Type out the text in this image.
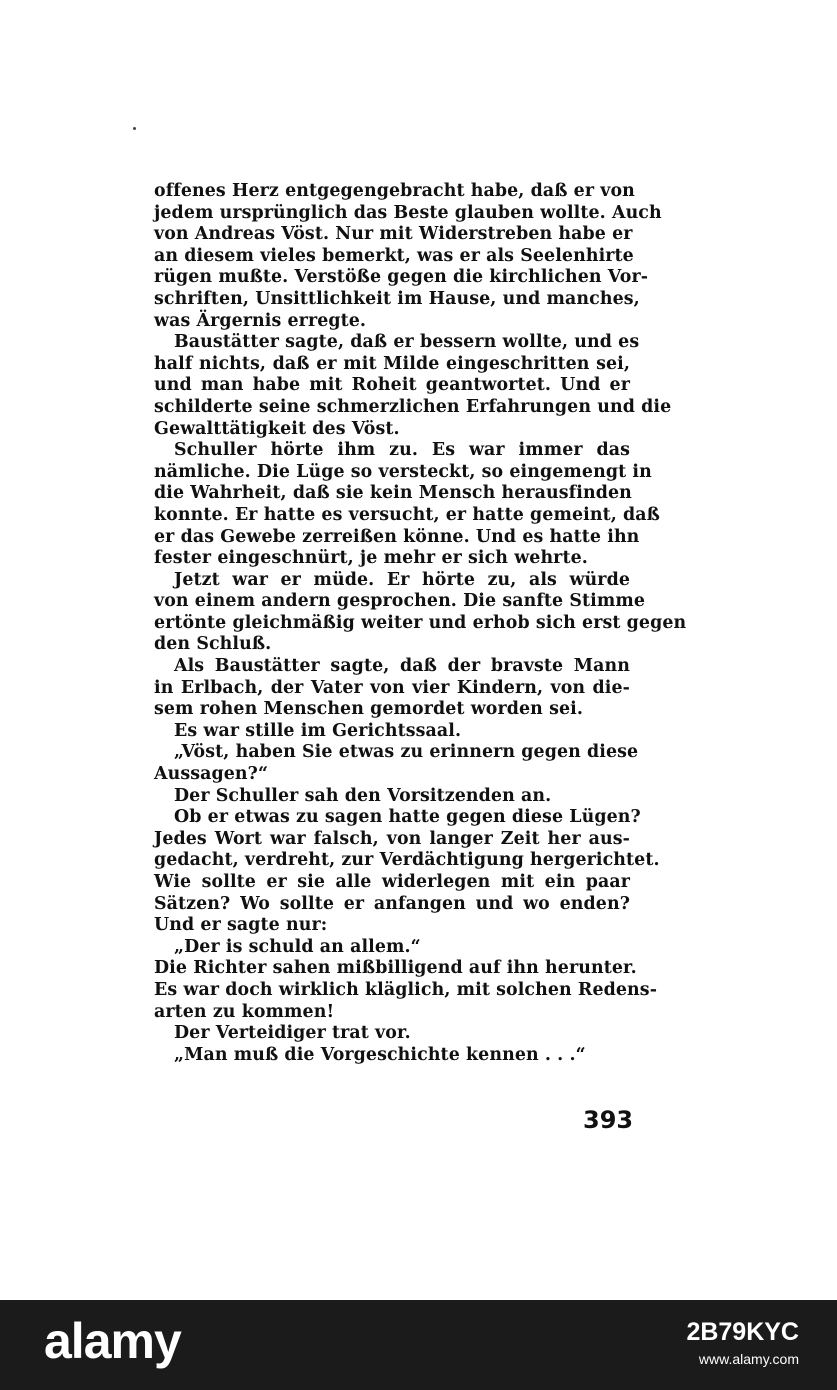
offenes Herz entgegengebracht habe, daß er von
jedem ursprünglich das Beste glauben wollte. Auch
von Andreas Vöst. Nur mit Widerstreben habe er
an diesem vieles bemerkt, was er als Seelenhirte
rügen mußte. Verstöße gegen die kirchlichen Vor-
schriften, Unsittlichkeit im Hause, und manches,
was Ärgernis erregte.
Baustätter sagte, daß er bessern wollte, und es
half nichts, daß er mit Milde eingeschritten sei,
und man habe mit Roheit geantwortet. Und er
schilderte seine schmerzlichen Erfahrungen und die
Gewalttätigkeit des Vöst.
Schuller hörte ihm zu. Es war immer das
nämliche. Die Lüge so versteckt, so eingemengt in
die Wahrheit, daß sie kein Mensch herausfinden
konnte. Er hatte es versucht, er hatte gemeint, daß
er das Gewebe zerreißen könne. Und es hatte ihn
fester eingeschnürt, je mehr er sich wehrte.
Jetzt war er müde. Er hörte zu, als würde
von einem andern gesprochen. Die sanfte Stimme
ertönte gleichmäßig weiter und erhob sich erst gegen
den Schluß.
Als Baustätter sagte, daß der bravste Mann
in Erlbach, der Vater von vier Kindern, von die-
sem rohen Menschen gemordet worden sei.
Es war stille im Gerichtssaal.
„Vöst, haben Sie etwas zu erinnern gegen diese
Aussagen?“
Der Schuller sah den Vorsitzenden an.
Ob er etwas zu sagen hatte gegen diese Lügen?
Jedes Wort war falsch, von langer Zeit her aus-
gedacht, verdreht, zur Verdächtigung hergerichtet.
Wie sollte er sie alle widerlegen mit ein paar
Sätzen? Wo sollte er anfangen und wo enden?
Und er sagte nur:
„Der is schuld an allem.“
Die Richter sahen mißbilligend auf ihn herunter.
Es war doch wirklich kläglich, mit solchen Redens-
arten zu kommen!
Der Verteidiger trat vor.
„Man muß die Vorgeschichte kennen . . .“
393
alamy	2B79KYC
www.alamy.com
